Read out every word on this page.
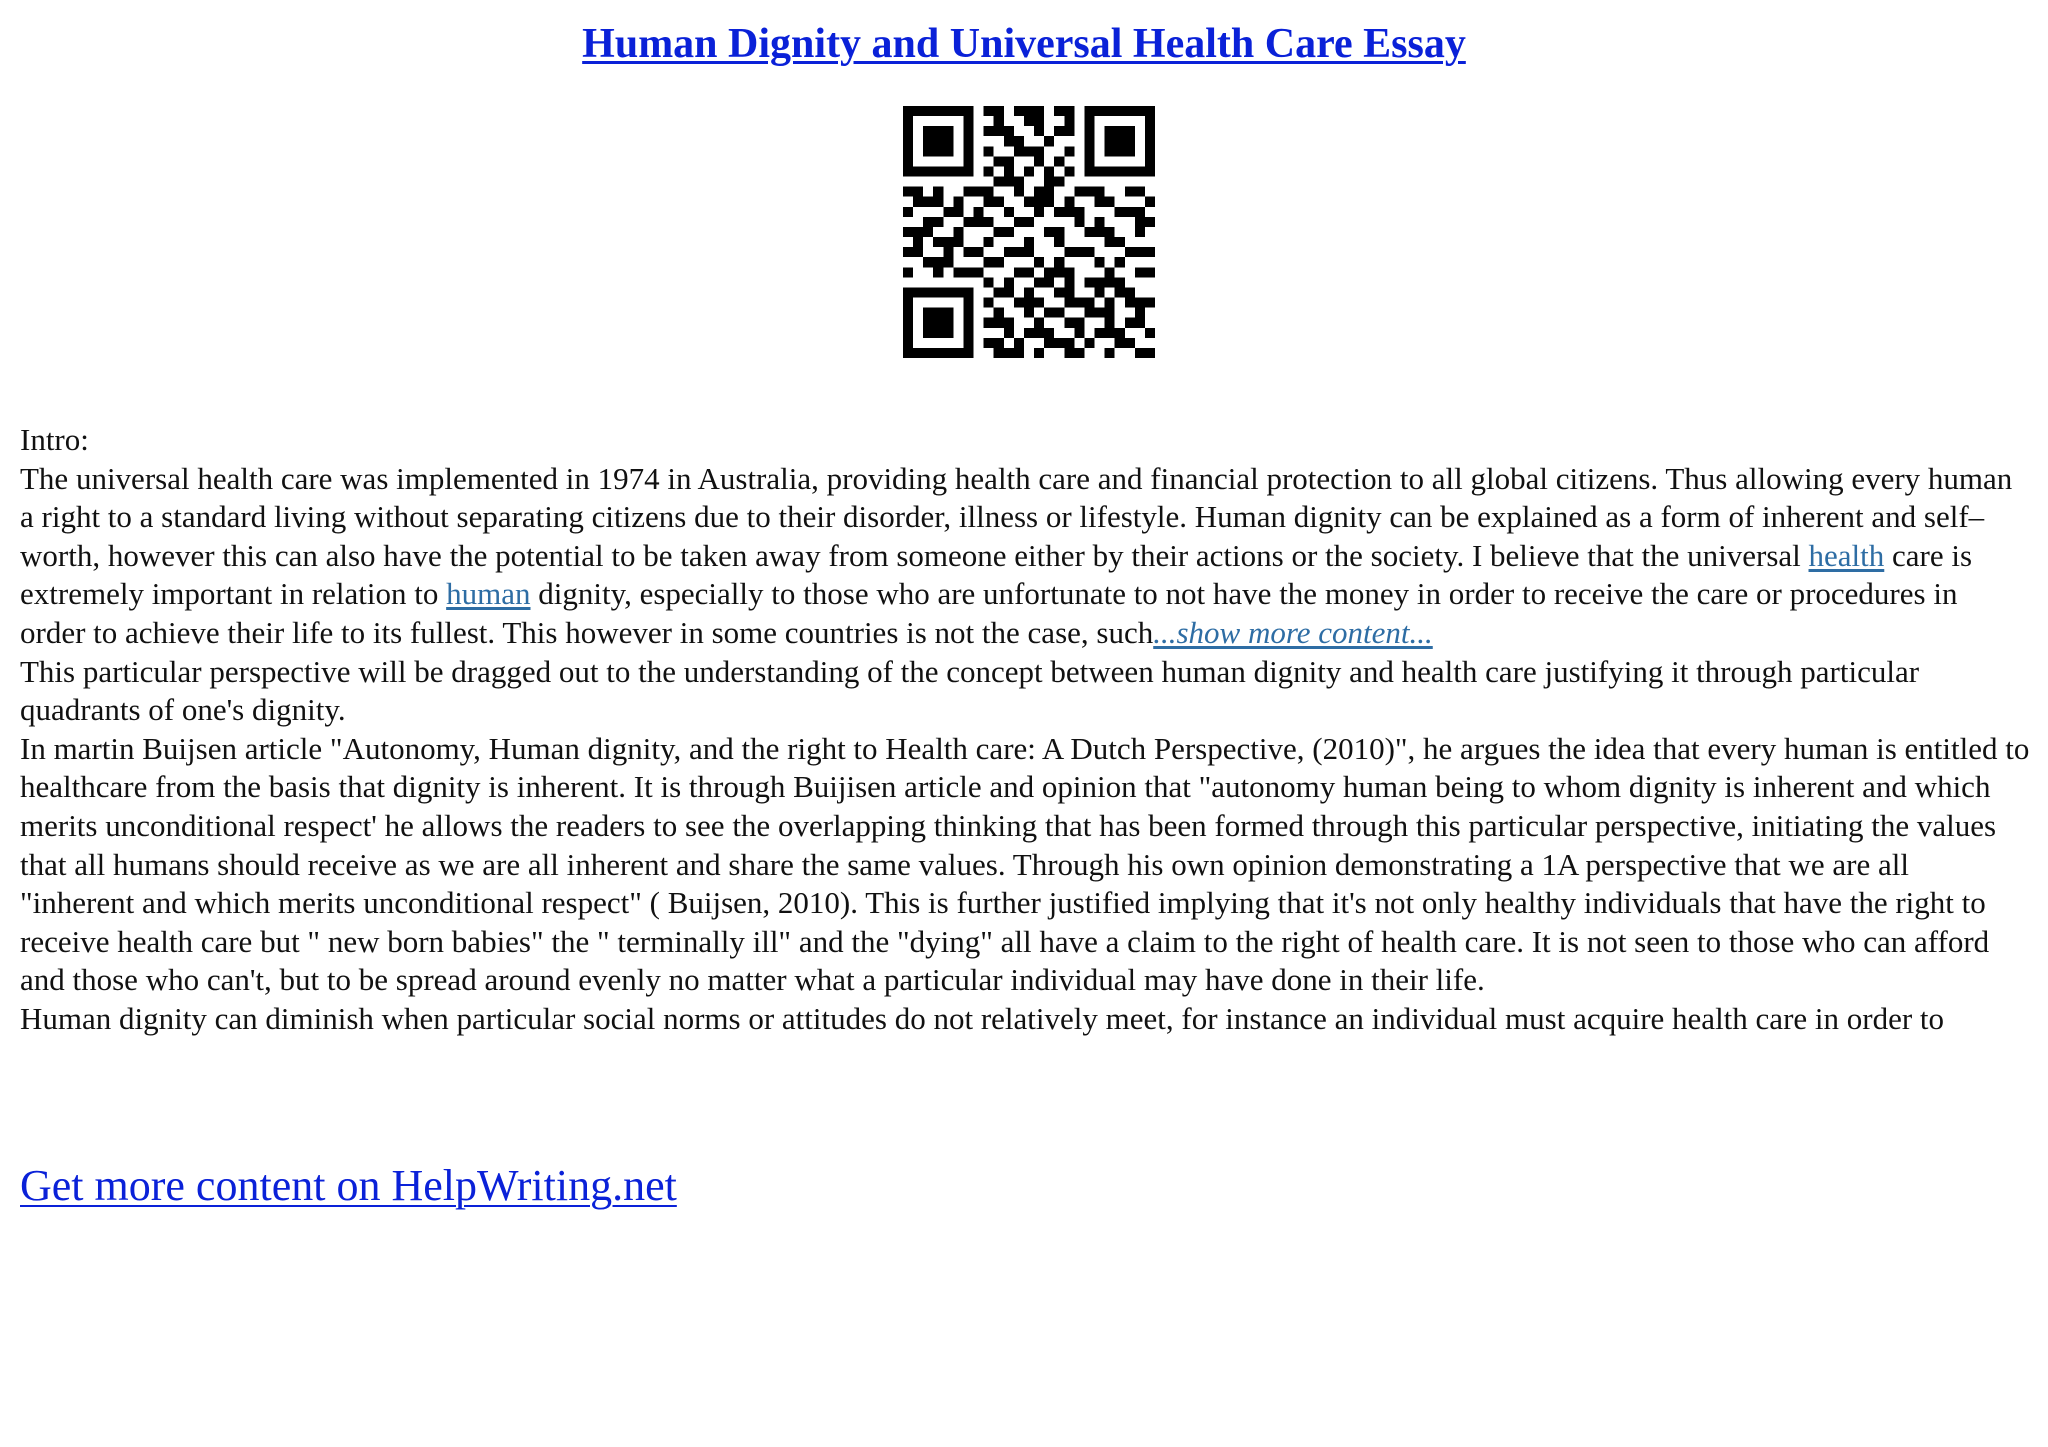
Human Dignity and Universal Health Care Essay

Intro:

The universal health care was implemented in 1974 in Australia, providing health care and financial protection to all global citizens. Thus allowing every human a right to a standard living without separating citizens due to their disorder, illness or lifestyle. Human dignity can be explained as a form of inherent and self–worth, however this can also have the potential to be taken away from someone either by their actions or the society. I believe that the universal health care is extremely important in relation to human dignity, especially to those who are unfortunate to not have the money in order to receive the care or procedures in order to achieve their life to its fullest. This however in some countries is not the case, such...show more content...

This particular perspective will be dragged out to the understanding of the concept between human dignity and health care justifying it through particular quadrants of one's dignity.

In martin Buijsen article "Autonomy, Human dignity, and the right to Health care: A Dutch Perspective, (2010)", he argues the idea that every human is entitled to healthcare from the basis that dignity is inherent. It is through Buijisen article and opinion that "autonomy human being to whom dignity is inherent and which merits unconditional respect' he allows the readers to see the overlapping thinking that has been formed through this particular perspective, initiating the values that all humans should receive as we are all inherent and share the same values. Through his own opinion demonstrating a 1A perspective that we are all "inherent and which merits unconditional respect" ( Buijsen, 2010). This is further justified implying that it's not only healthy individuals that have the right to receive health care but " new born babies" the " terminally ill" and the "dying" all have a claim to the right of health care. It is not seen to those who can afford and those who can't, but to be spread around evenly no matter what a particular individual may have done in their life.

Human dignity can diminish when particular social norms or attitudes do not relatively meet, for instance an individual must acquire health care in order to

Get more content on HelpWriting.net
